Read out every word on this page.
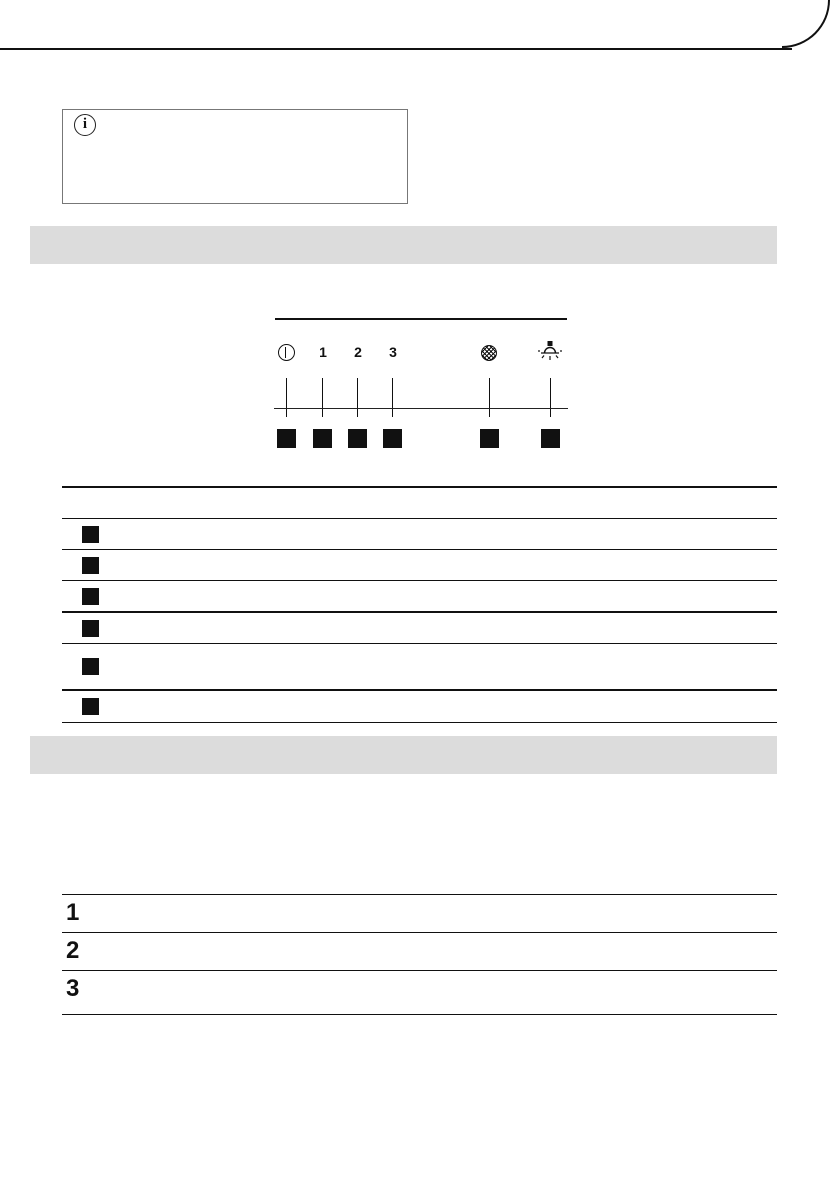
i
1	2	3
1
2
3
